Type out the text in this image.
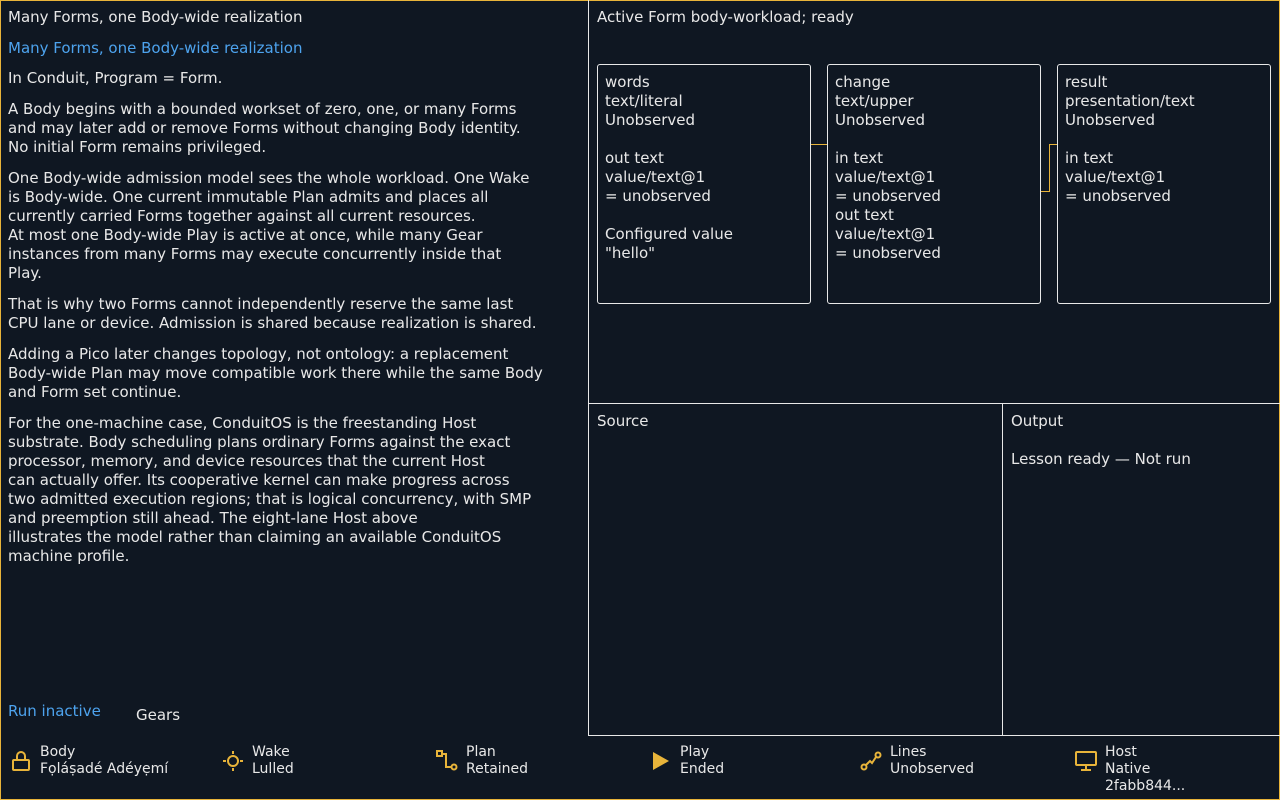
Many Forms, one Body-wide realization
Many Forms, one Body-wide realization

In Conduit, Program = Form.

A Body begins with a bounded workset of zero, one, or many Forms
and may later add or remove Forms without changing Body identity.
No initial Form remains privileged.

One Body-wide admission model sees the whole workload. One Wake
is Body-wide. One current immutable Plan admits and places all
currently carried Forms together against all current resources.
At most one Body-wide Play is active at once, while many Gear
instances from many Forms may execute concurrently inside that
Play.

That is why two Forms cannot independently reserve the same last
CPU lane or device. Admission is shared because realization is shared.

Adding a Pico later changes topology, not ontology: a replacement
Body-wide Plan may move compatible work there while the same Body
and Form set continue.

For the one-machine case, ConduitOS is the freestanding Host
substrate. Body scheduling plans ordinary Forms against the exact
processor, memory, and device resources that the current Host
can actually offer. Its cooperative kernel can make progress across
two admitted execution regions; that is logical concurrency, with SMP
and preemption still ahead. The eight-lane Host above
illustrates the model rather than claiming an available ConduitOS
machine profile.

Run inactive Gears
Active Form body-workload; ready
words
text/literal
Unobserved

out text
value/text@1
= unobserved

Configured value
"hello"
change
text/upper
Unobserved

in text
value/text@1
= unobserved
out text
value/text@1
= unobserved
result
presentation/text
Unobserved

in text
value/text@1
= unobserved
Source	Output
Lesson ready — Not run
Body
Fọláṣadé Adéyẹmí
Wake
Lulled
Plan
Retained
Play
Ended
Lines
Unobserved
Host
Native
2fabb844...
